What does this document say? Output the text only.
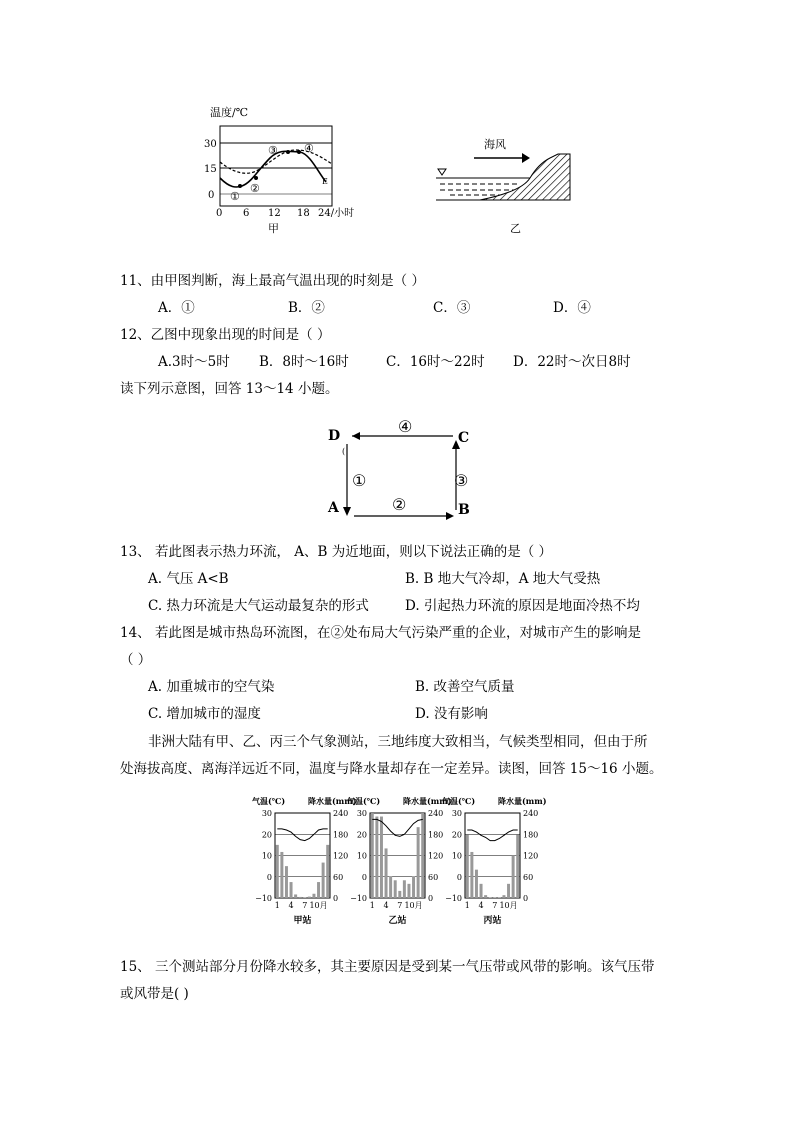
温度/℃
30
15
0
0 6 12 18 24/小时
①
②
③ ④
E
甲
海风
乙
11、由甲图判断，海上最高气温出现的时刻是（ ）
A．①	B．②	C．③	D．④
12、乙图中现象出现的时间是（ ）
A.3时～5时 B．8时～16时	C．16时～22时 D．22时～次日8时
读下列示意图，回答 13～14 小题。
D	C
A	B
④
①
②
③
(
13、 若此图表示热力环流， A、B 为近地面，则以下说法正确的是（ ）
A. 气压 A<B	B. B 地大气冷却，A 地大气受热
C. 热力环流是大气运动最复杂的形式	D. 引起热力环流的原因是地面冷热不均
14、 若此图是城市热岛环流图，在②处布局大气污染严重的企业，对城市产生的影响是
（ ）
A. 加重城市的空气染	B. 改善空气质量
C. 增加城市的湿度	D. 没有影响
非洲大陆有甲、乙、丙三个气象测站，三地纬度大致相当，气候类型相同，但由于所
处海拔高度、离海洋远近不同，温度与降水量却存在一定差异。读图，回答 15～16 小题。
气温(℃)	降水量(mm)
30
20
10
0
−10
240
180
120
60
0
1 4 7 10月
甲站
气温(℃)	降水量(mm)
30
20
10
0
−10
240
180
120
60
0
1 4 7 10月
乙站
气温(℃)	降水量(mm)
30
20
10
0
−10
240
180
120
60
0
1 4 7 10月
丙站
15、 三个测站部分月份降水较多，其主要原因是受到某一气压带或风带的影响。该气压带
或风带是( )
